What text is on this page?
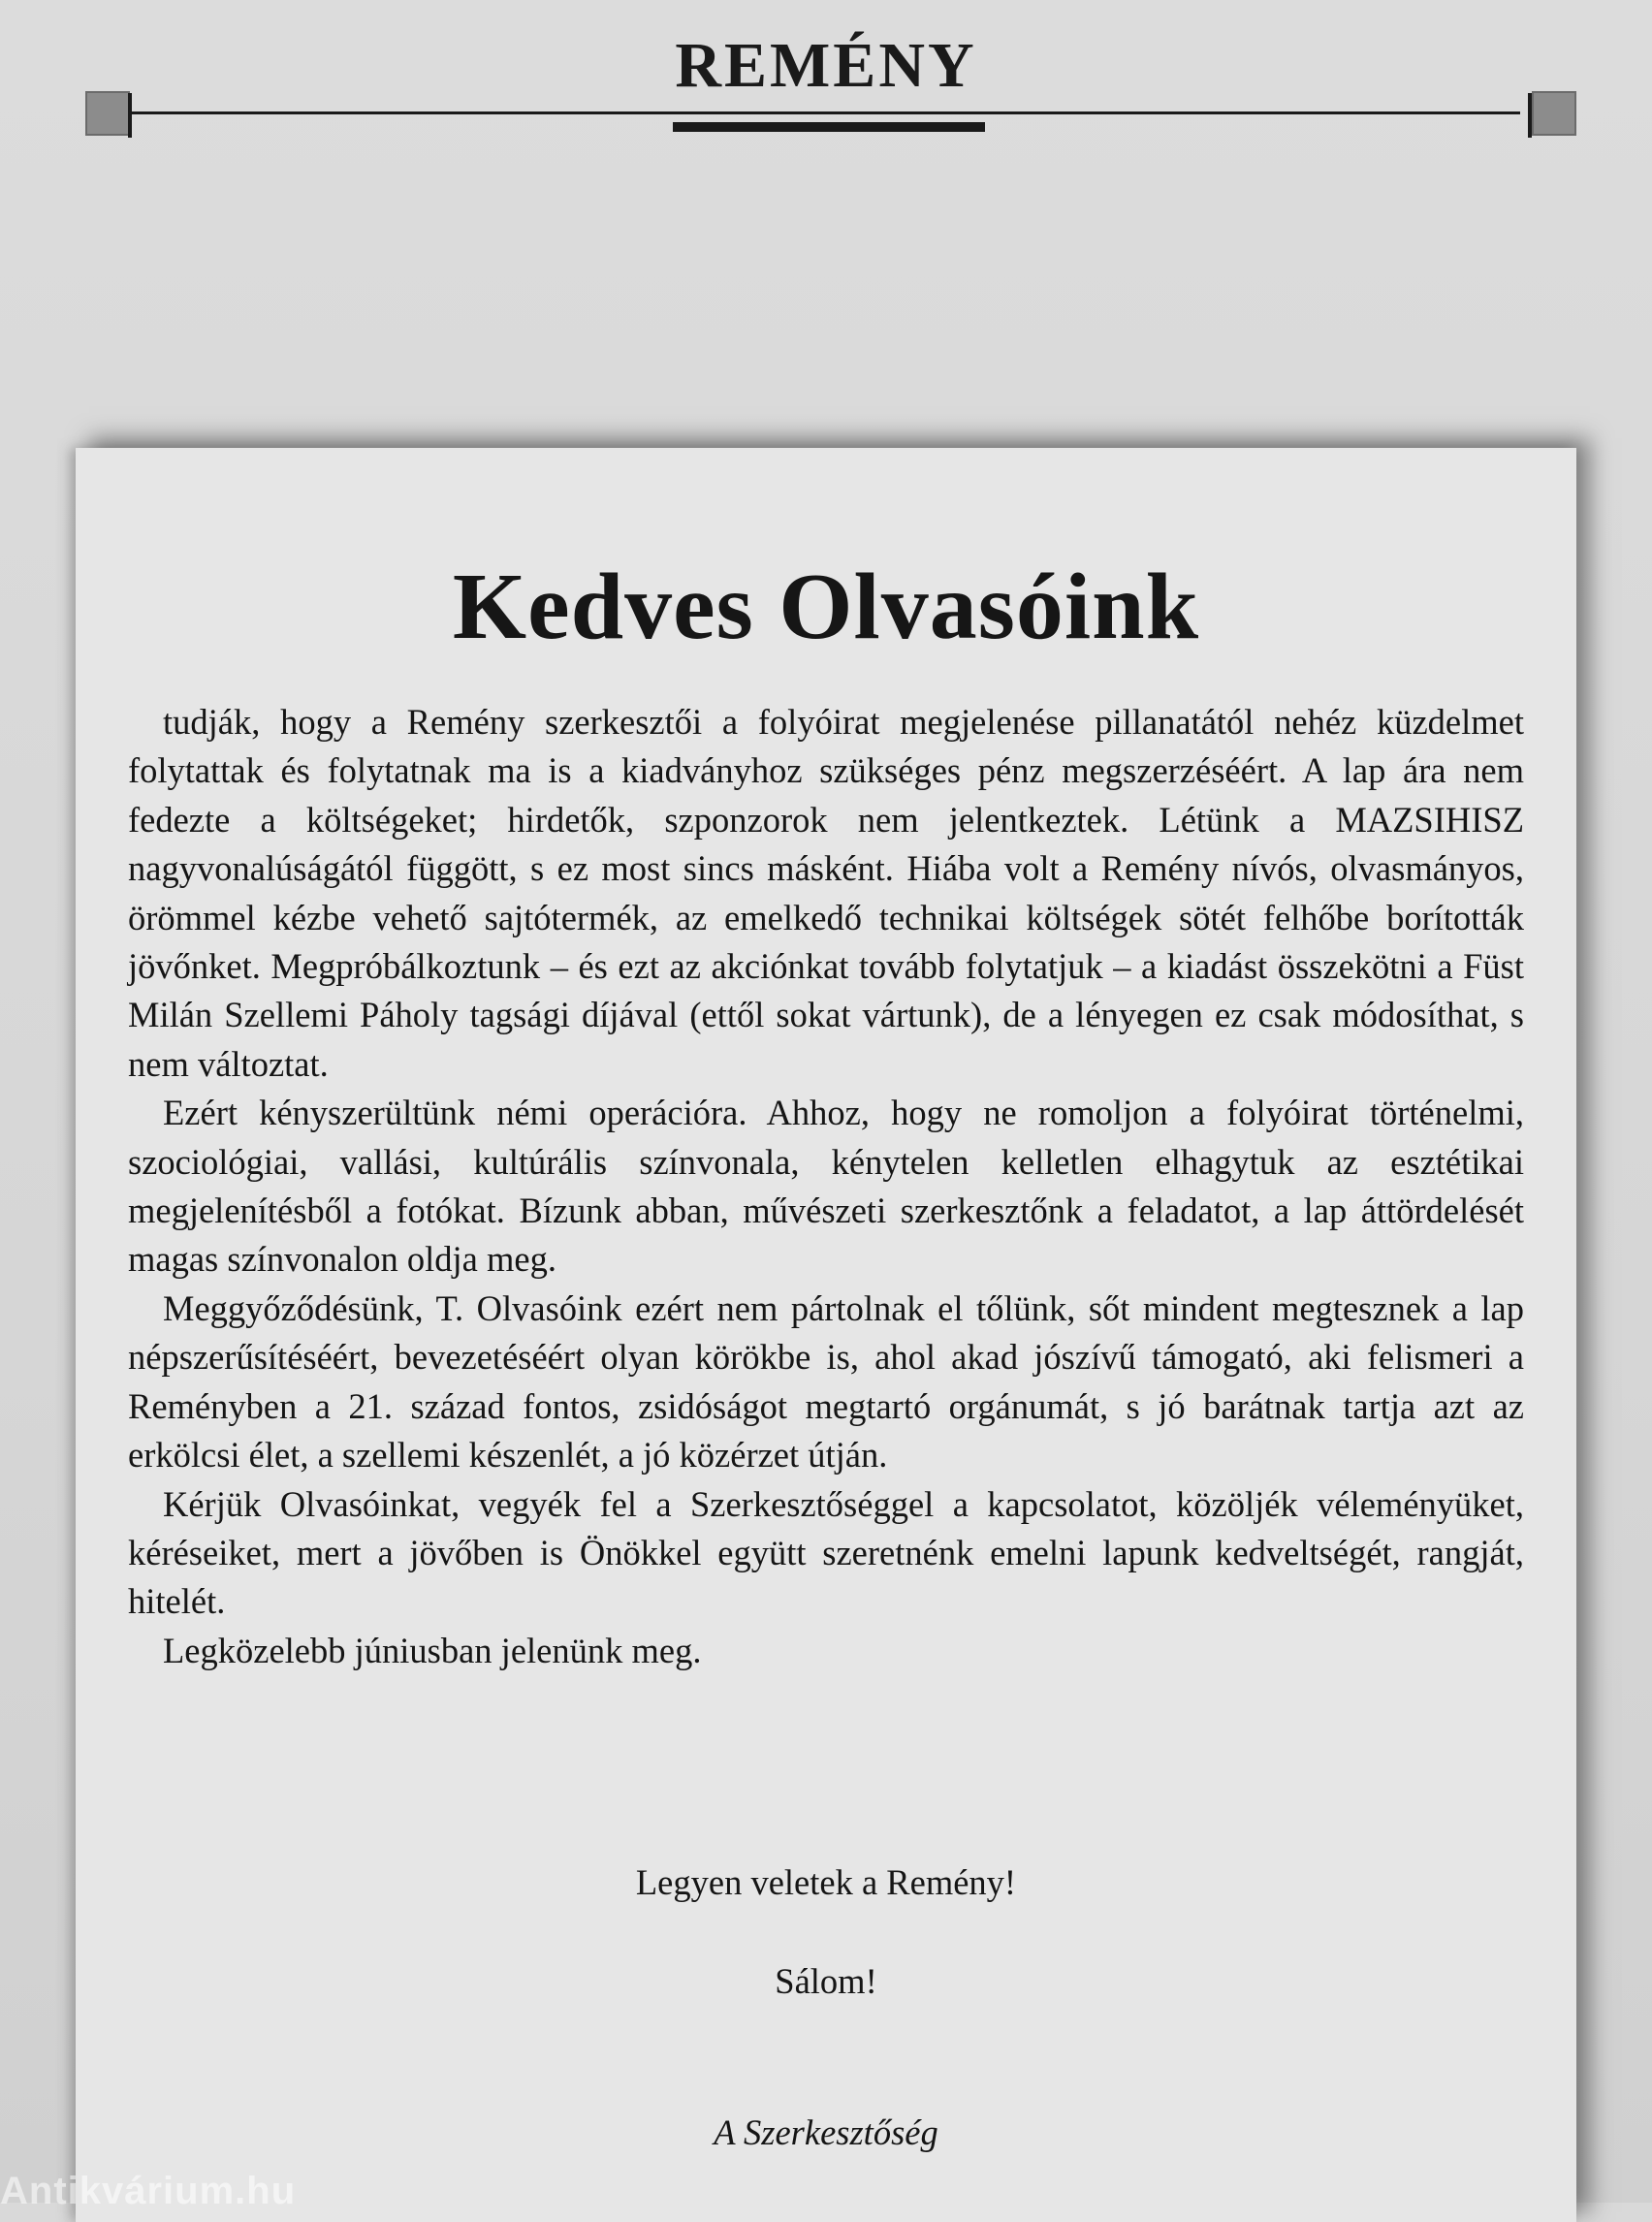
REMÉNY
Kedves Olvasóink

tudják, hogy a Remény szerkesztői a folyóirat megjelenése pillanatától nehéz küzdelmet folytattak és folytatnak ma is a kiadványhoz szükséges pénz megszerzéséért. A lap ára nem fedezte a költségeket; hirdetők, szponzorok nem jelentkeztek. Létünk a MAZSIHISZ nagyvonalúságától függött, s ez most sincs másként. Hiába volt a Remény nívós, olvasmányos, örömmel kézbe vehető sajtótermék, az emelkedő technikai költségek sötét felhőbe borították jövőnket. Megpróbálkoztunk – és ezt az akciónkat tovább folytatjuk – a kiadást összekötni a Füst Milán Szellemi Páholy tagsági díjával (ettől sokat vártunk), de a lényegen ez csak módosíthat, s nem változtat.

Ezért kényszerültünk némi operációra. Ahhoz, hogy ne romoljon a folyóirat történelmi, szociológiai, vallási, kultúrális színvonala, kénytelen kelletlen elhagytuk az esztétikai megjelenítésből a fotókat. Bízunk abban, művészeti szerkesztőnk a feladatot, a lap áttördelését magas színvonalon oldja meg.

Meggyőződésünk, T. Olvasóink ezért nem pártolnak el tőlünk, sőt mindent megtesznek a lap népszerűsítéséért, bevezetéséért olyan körökbe is, ahol akad jószívű támogató, aki felismeri a Reményben a 21. század fontos, zsidóságot megtartó orgánumát, s jó barátnak tartja azt az erkölcsi élet, a szellemi készenlét, a jó közérzet útján.

Kérjük Olvasóinkat, vegyék fel a Szerkesztőséggel a kapcsolatot, közöljék véleményüket, kéréseiket, mert a jövőben is Önökkel együtt szeretnénk emelni lapunk kedveltségét, rangját, hitelét.

Legközelebb júniusban jelenünk meg.

Legyen veletek a Remény!
Sálom!
A Szerkesztőség
Antikvárium.hu
